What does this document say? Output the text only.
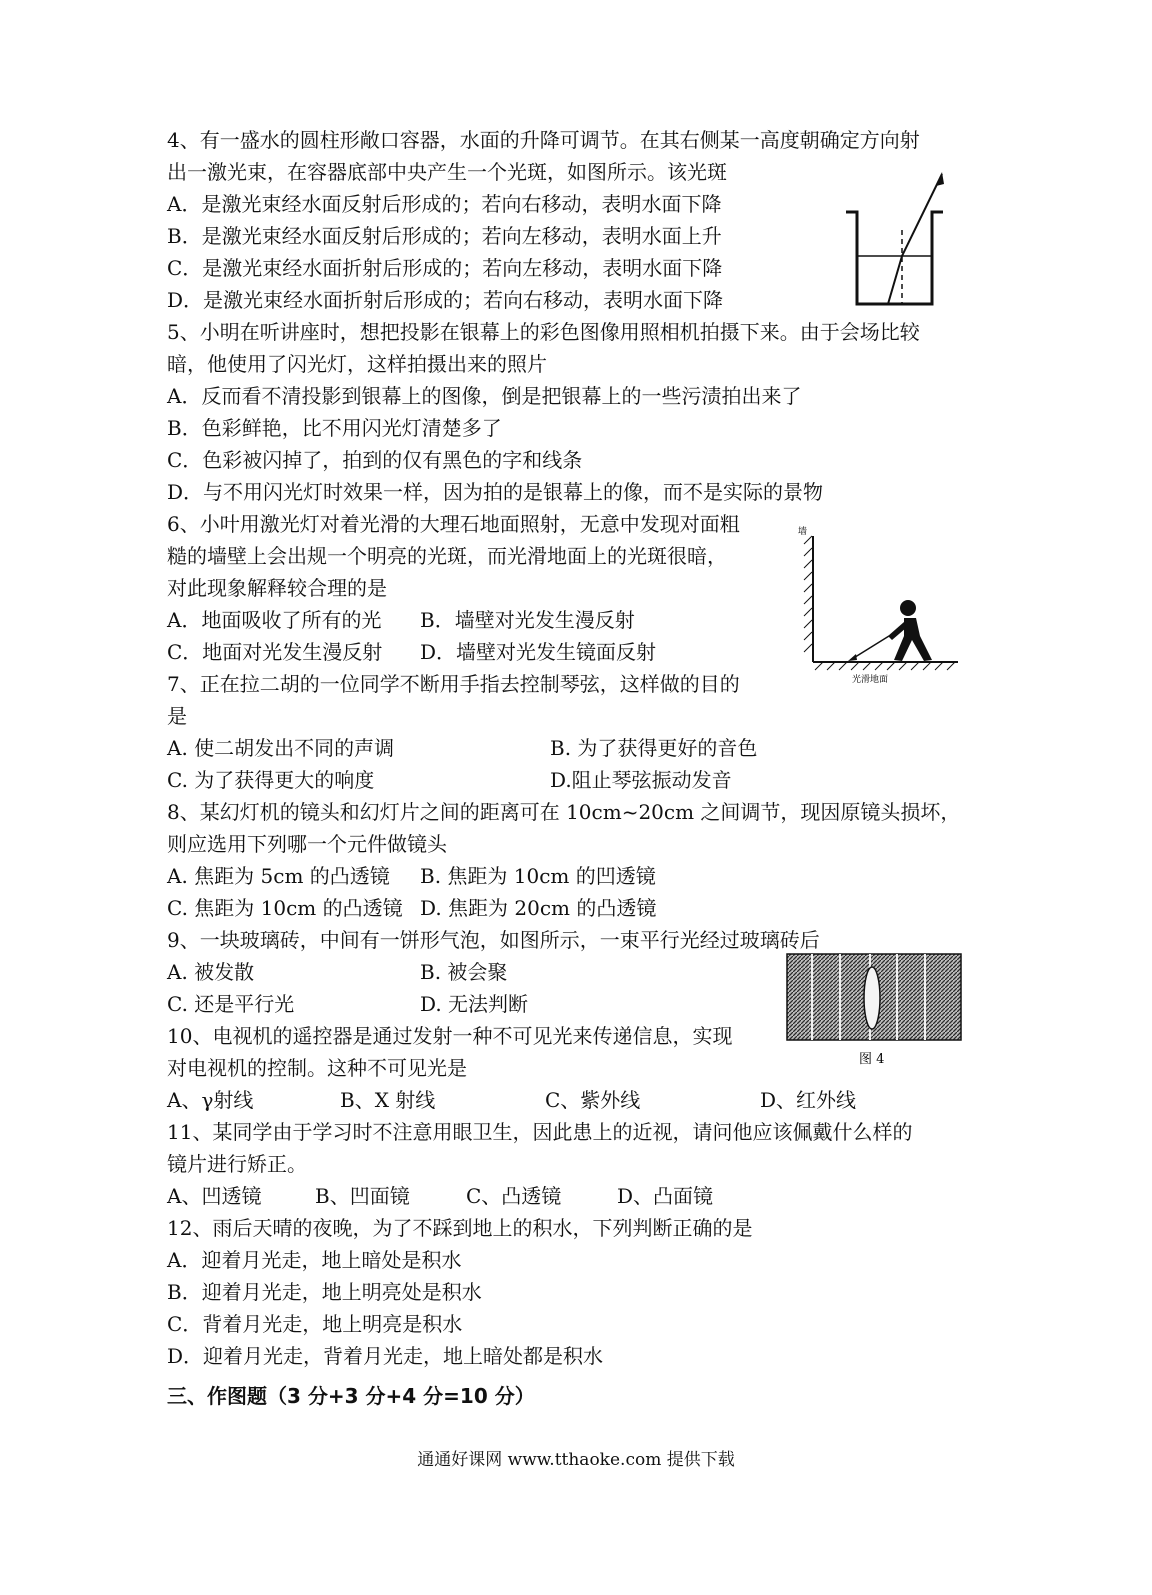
4、有一盛水的圆柱形敞口容器，水面的升降可调节。在其右侧某一高度朝确定方向射
出一激光束，在容器底部中央产生一个光斑，如图所示。该光斑
A．是激光束经水面反射后形成的；若向右移动，表明水面下降
B．是激光束经水面反射后形成的；若向左移动，表明水面上升
C．是激光束经水面折射后形成的；若向左移动，表明水面下降
D．是激光束经水面折射后形成的；若向右移动，表明水面下降
5、小明在听讲座时，想把投影在银幕上的彩色图像用照相机拍摄下来。由于会场比较
暗，他使用了闪光灯，这样拍摄出来的照片
A．反而看不清投影到银幕上的图像，倒是把银幕上的一些污渍拍出来了
B．色彩鲜艳，比不用闪光灯清楚多了
C．色彩被闪掉了，拍到的仅有黑色的字和线条
D．与不用闪光灯时效果一样，因为拍的是银幕上的像，而不是实际的景物
6、小叶用激光灯对着光滑的大理石地面照射，无意中发现对面粗
糙的墙壁上会出规一个明亮的光斑，而光滑地面上的光斑很暗，
对此现象解释较合理的是
A．地面吸收了所有的光 B．墙壁对光发生漫反射
C．地面对光发生漫反射 D．墙壁对光发生镜面反射
墙
光滑地面
7、正在拉二胡的一位同学不断用手指去控制琴弦，这样做的目的
是
A. 使二胡发出不同的声调	B. 为了获得更好的音色
C. 为了获得更大的响度	D.阻止琴弦振动发音
8、某幻灯机的镜头和幻灯片之间的距离可在 10cm~20cm 之间调节，现因原镜头损坏，
则应选用下列哪一个元件做镜头
A. 焦距为 5cm 的凸透镜 B. 焦距为 10cm 的凹透镜
C. 焦距为 10cm 的凸透镜 D. 焦距为 20cm 的凸透镜
9、一块玻璃砖，中间有一饼形气泡，如图所示，一束平行光经过玻璃砖后
A. 被发散	B. 被会聚
C. 还是平行光	D. 无法判断
图 4
10、电视机的遥控器是通过发射一种不可见光来传递信息，实现
对电视机的控制。这种不可见光是
A、γ射线	B、X 射线	C、紫外线	D、红外线
11、某同学由于学习时不注意用眼卫生，因此患上的近视，请问他应该佩戴什么样的
镜片进行矫正。
A、凹透镜	B、凹面镜	C、凸透镜	D、凸面镜
12、雨后天晴的夜晚，为了不踩到地上的积水，下列判断正确的是
A．迎着月光走，地上暗处是积水
B．迎着月光走，地上明亮处是积水
C．背着月光走，地上明亮是积水
D．迎着月光走，背着月光走，地上暗处都是积水
三、作图题（3 分+3 分+4 分=10 分）
通通好课网 www.tthaoke.com 提供下载
